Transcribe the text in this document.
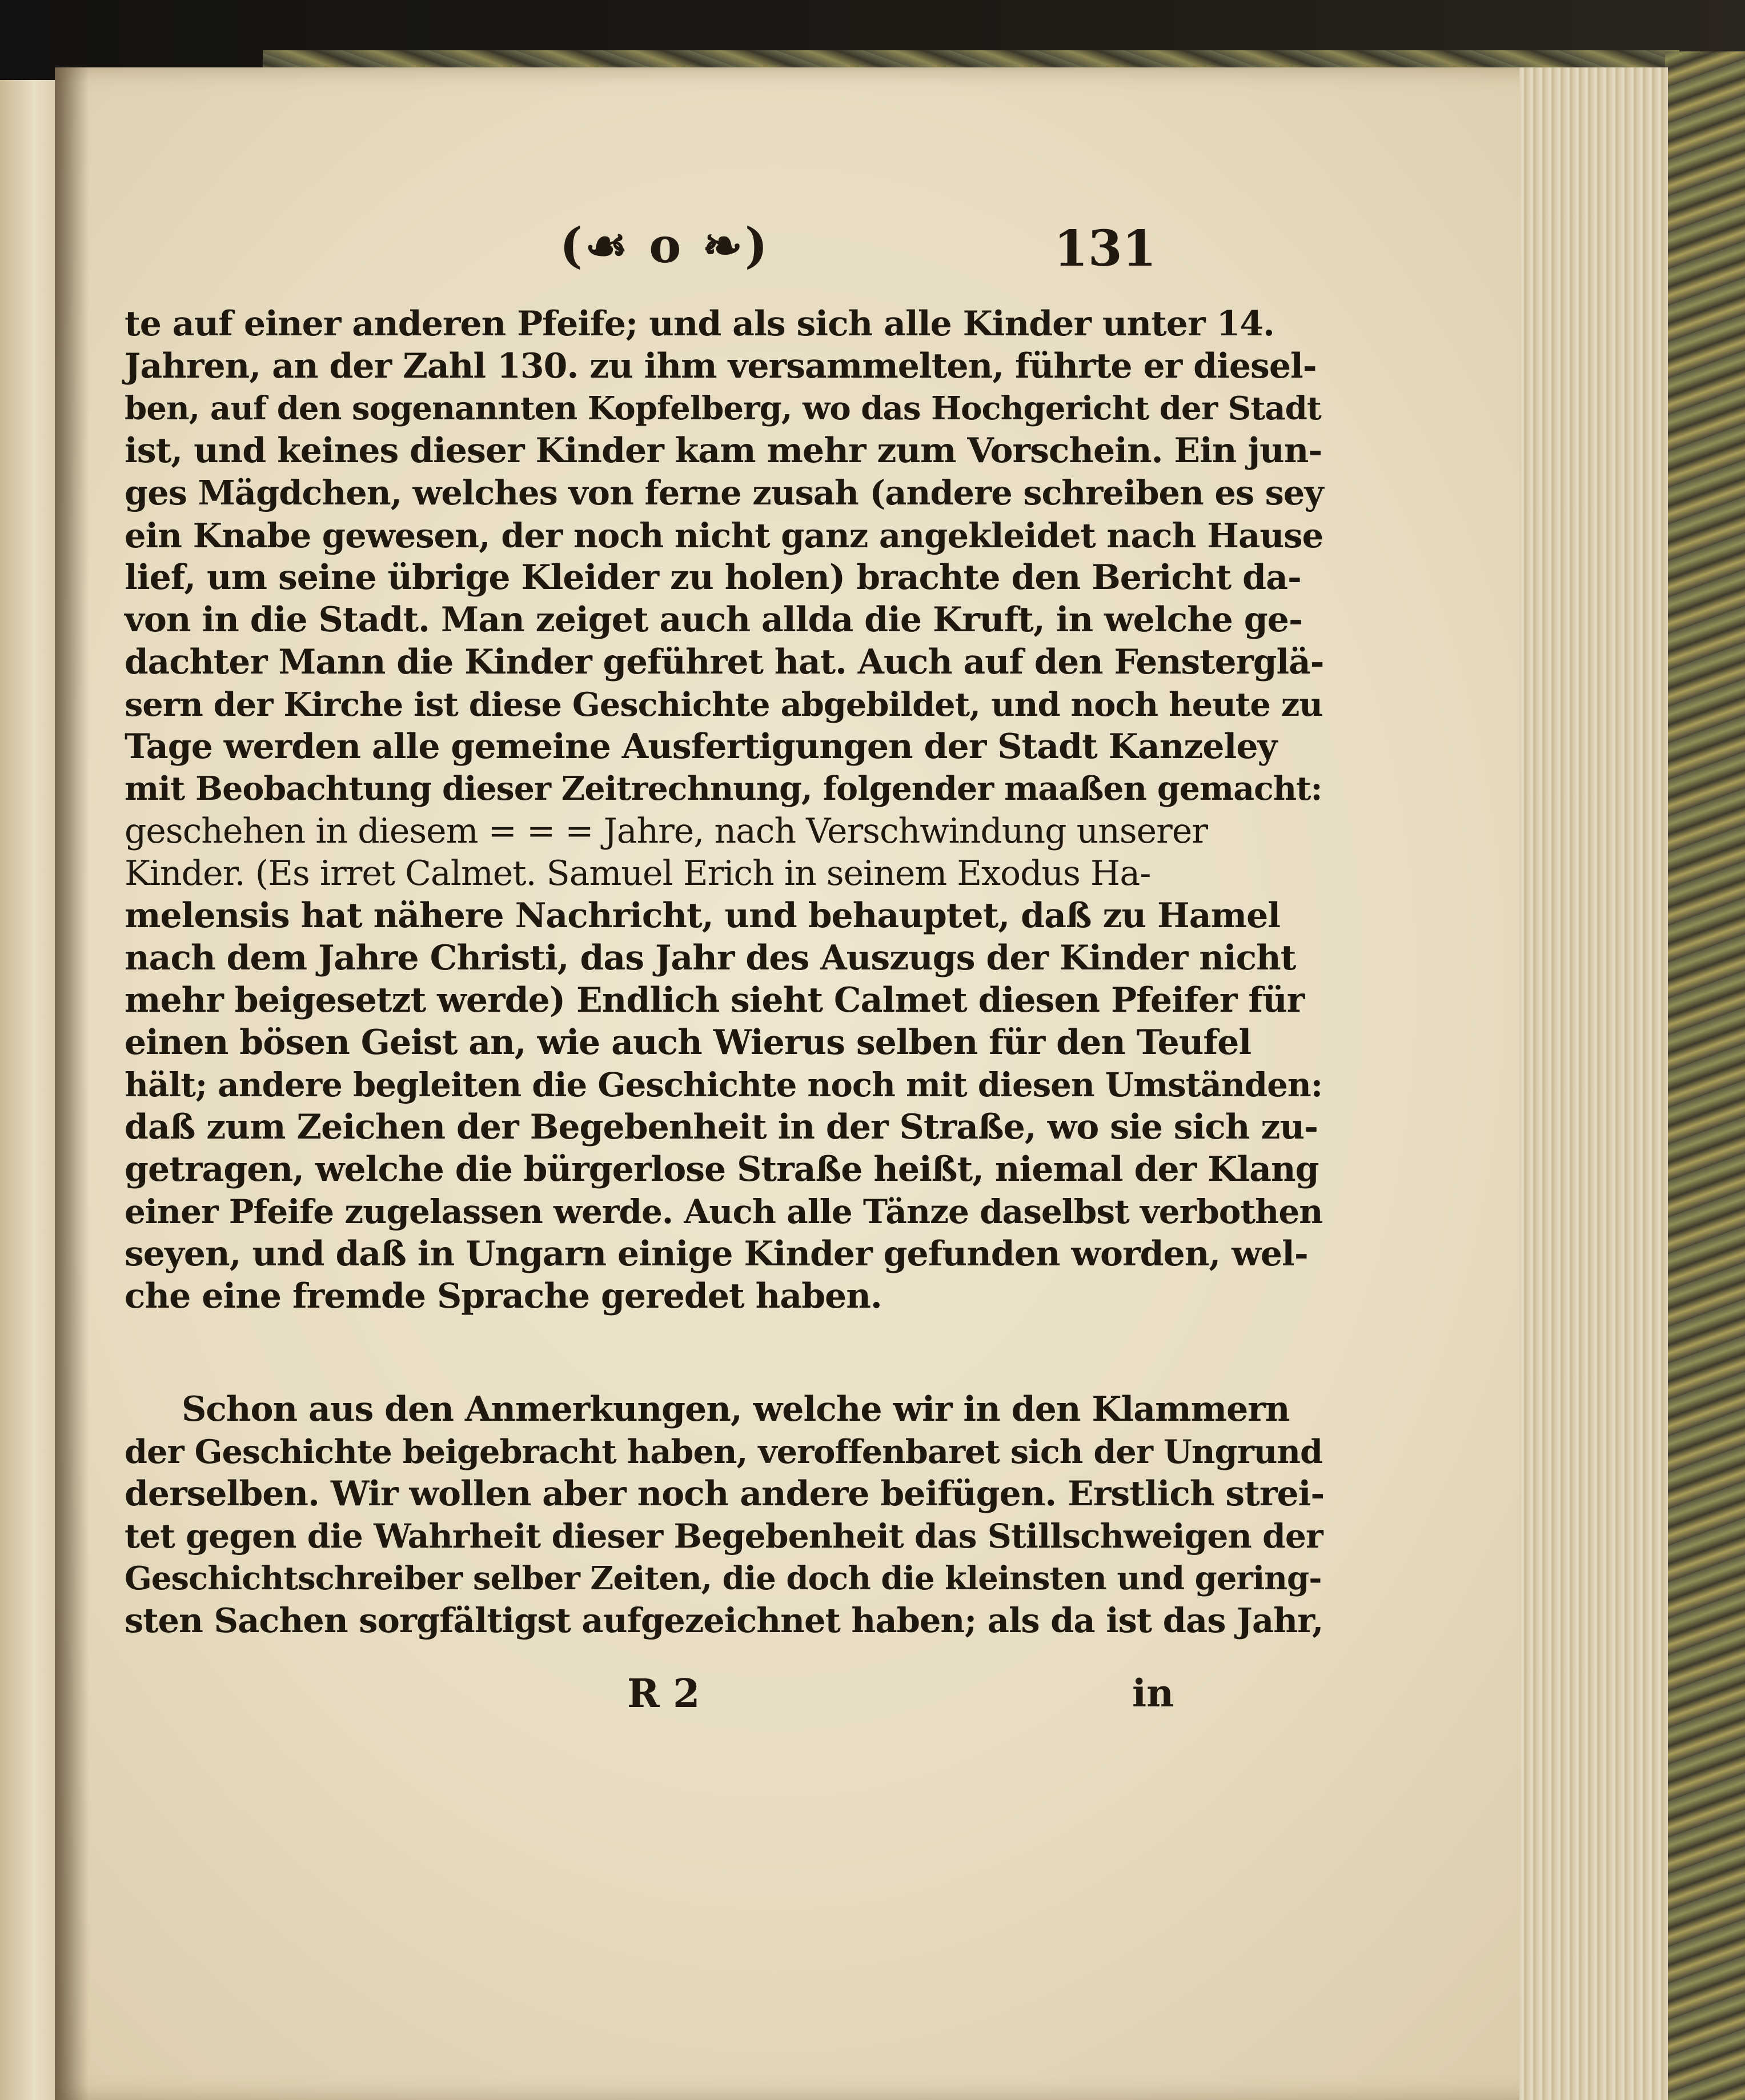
(☙ o ❧)	131
te auf einer anderen Pfeife; und als sich alle Kinder unter 14.
Jahren, an der Zahl 130. zu ihm versammelten, führte er diesel-
ben, auf den sogenannten Kopfelberg, wo das Hochgericht der Stadt
ist, und keines dieser Kinder kam mehr zum Vorschein. Ein jun-
ges Mägdchen, welches von ferne zusah (andere schreiben es sey
ein Knabe gewesen, der noch nicht ganz angekleidet nach Hause
lief, um seine übrige Kleider zu holen) brachte den Bericht da-
von in die Stadt. Man zeiget auch allda die Kruft, in welche ge-
dachter Mann die Kinder geführet hat. Auch auf den Fensterglä-
sern der Kirche ist diese Geschichte abgebildet, und noch heute zu
Tage werden alle gemeine Ausfertigungen der Stadt Kanzeley
mit Beobachtung dieser Zeitrechnung, folgender maaßen gemacht:
geschehen in diesem = = = Jahre, nach Verschwindung unserer
Kinder. (Es irret Calmet. Samuel Erich in seinem Exodus Ha-
melensis hat nähere Nachricht, und behauptet, daß zu Hamel
nach dem Jahre Christi, das Jahr des Auszugs der Kinder nicht
mehr beigesetzt werde) Endlich sieht Calmet diesen Pfeifer für
einen bösen Geist an, wie auch Wierus selben für den Teufel
hält; andere begleiten die Geschichte noch mit diesen Umständen:
daß zum Zeichen der Begebenheit in der Straße, wo sie sich zu-
getragen, welche die bürgerlose Straße heißt, niemal der Klang
einer Pfeife zugelassen werde. Auch alle Tänze daselbst verbothen
seyen, und daß in Ungarn einige Kinder gefunden worden, wel-
che eine fremde Sprache geredet haben.
Schon aus den Anmerkungen, welche wir in den Klammern
der Geschichte beigebracht haben, veroffenbaret sich der Ungrund
derselben. Wir wollen aber noch andere beifügen. Erstlich strei-
tet gegen die Wahrheit dieser Begebenheit das Stillschweigen der
Geschichtschreiber selber Zeiten, die doch die kleinsten und gering-
sten Sachen sorgfältigst aufgezeichnet haben; als da ist das Jahr,
R 2	in
